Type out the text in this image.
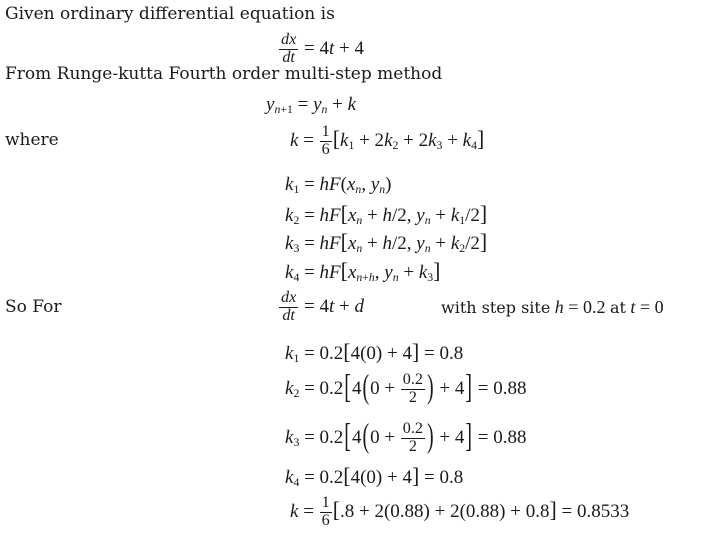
Given ordinary differential equation is
From Runge-kutta Fourth order multi-step method
where
So For
$\frac{dx}{dt} = 4t + 4$
$y_{n+1} = y_n + k$
$k = \frac{1}{6} [k_1 + 2k_2 + 2k_3 + k_4]$
$k_1 = hF(x_n$, $y_n$)
$k_2 = hF[x_n + h/2$, $y_n + k_1/2$]
$k_3 = hF[x_n + h/2$, $y_n + k_2/2$]
$k_4 = hF[x_{n+h}$, $y_n + k_3$]
$\frac{dx}{dt} = 4t + d$	with step site h = 0.2 at t = 0
$k_1 = 0.2[4(0) + 4] = 0.8$
$k_2 = 0.2[4(0 + \frac{0.2}{2}$ ) + 4] = 0.88
$k_3 = 0.2[4(0 + \frac{0.2}{2}$ ) + 4] = 0.88
$k_4 = 0.2[4(0) + 4] = 0.8$
$k = \frac{1}{6} [.8 + 2(0.88) + 2(0.88) + 0.8] = 0.8533$
